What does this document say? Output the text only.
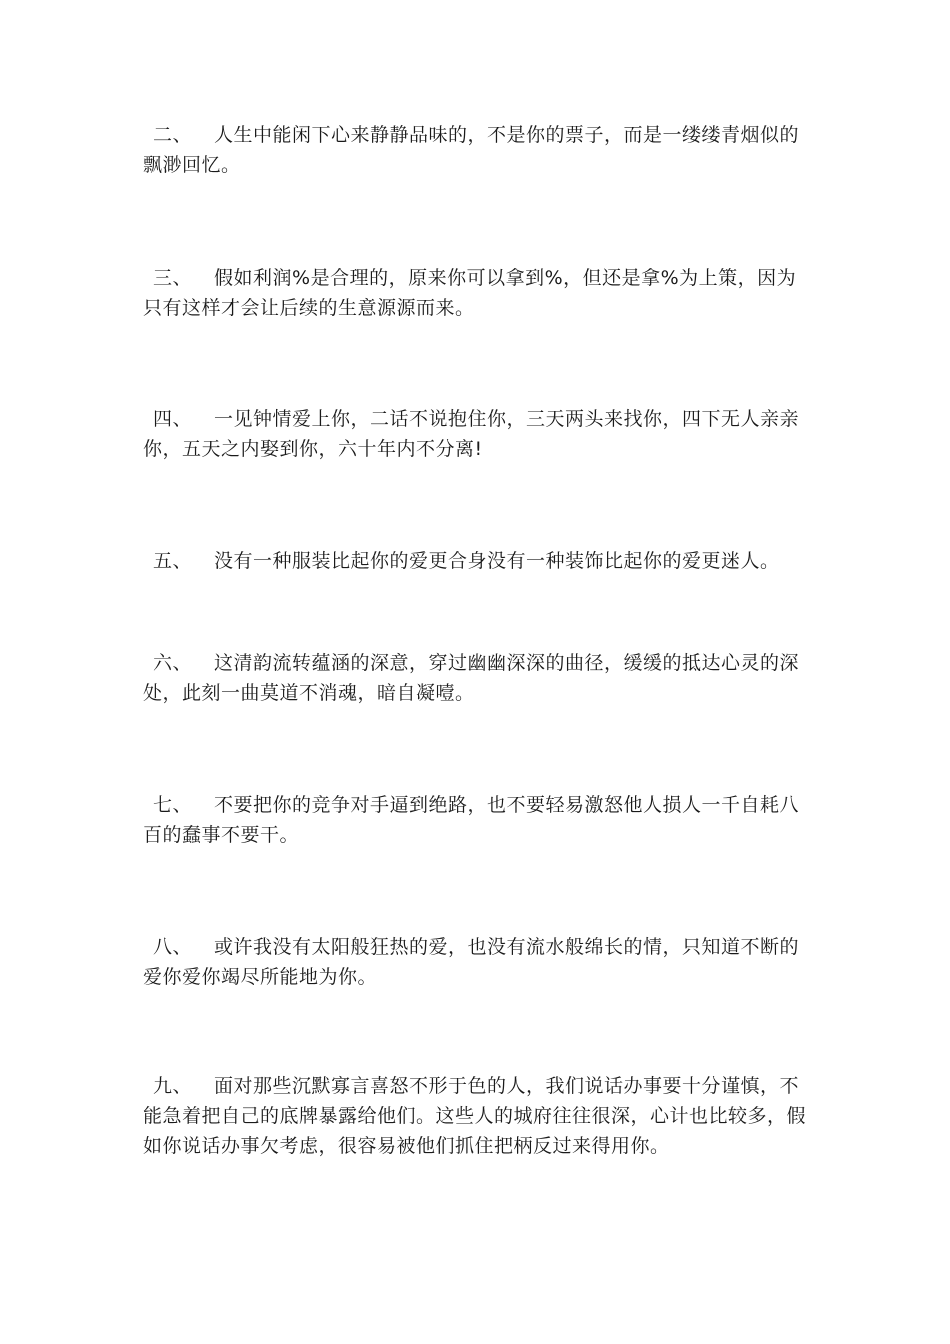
二、 人生中能闲下心来静静品味的，不是你的票子，而是一缕缕青烟似的飘渺回忆。

三、 假如利润%是合理的，原来你可以拿到%，但还是拿%为上策，因为只有这样才会让后续的生意源源而来。

四、 一见钟情爱上你，二话不说抱住你，三天两头来找你，四下无人亲亲你，五天之内娶到你，六十年内不分离!

五、 没有一种服装比起你的爱更合身没有一种装饰比起你的爱更迷人。

六、 这清韵流转蕴涵的深意，穿过幽幽深深的曲径，缓缓的抵达心灵的深处，此刻一曲莫道不消魂，暗自凝噎。

七、 不要把你的竞争对手逼到绝路，也不要轻易激怒他人损人一千自耗八百的蠢事不要干。

八、 或许我没有太阳般狂热的爱，也没有流水般绵长的情，只知道不断的爱你爱你竭尽所能地为你。

九、 面对那些沉默寡言喜怒不形于色的人，我们说话办事要十分谨慎，不能急着把自己的底牌暴露给他们。这些人的城府往往很深，心计也比较多，假如你说话办事欠考虑，很容易被他们抓住把柄反过来得用你。
